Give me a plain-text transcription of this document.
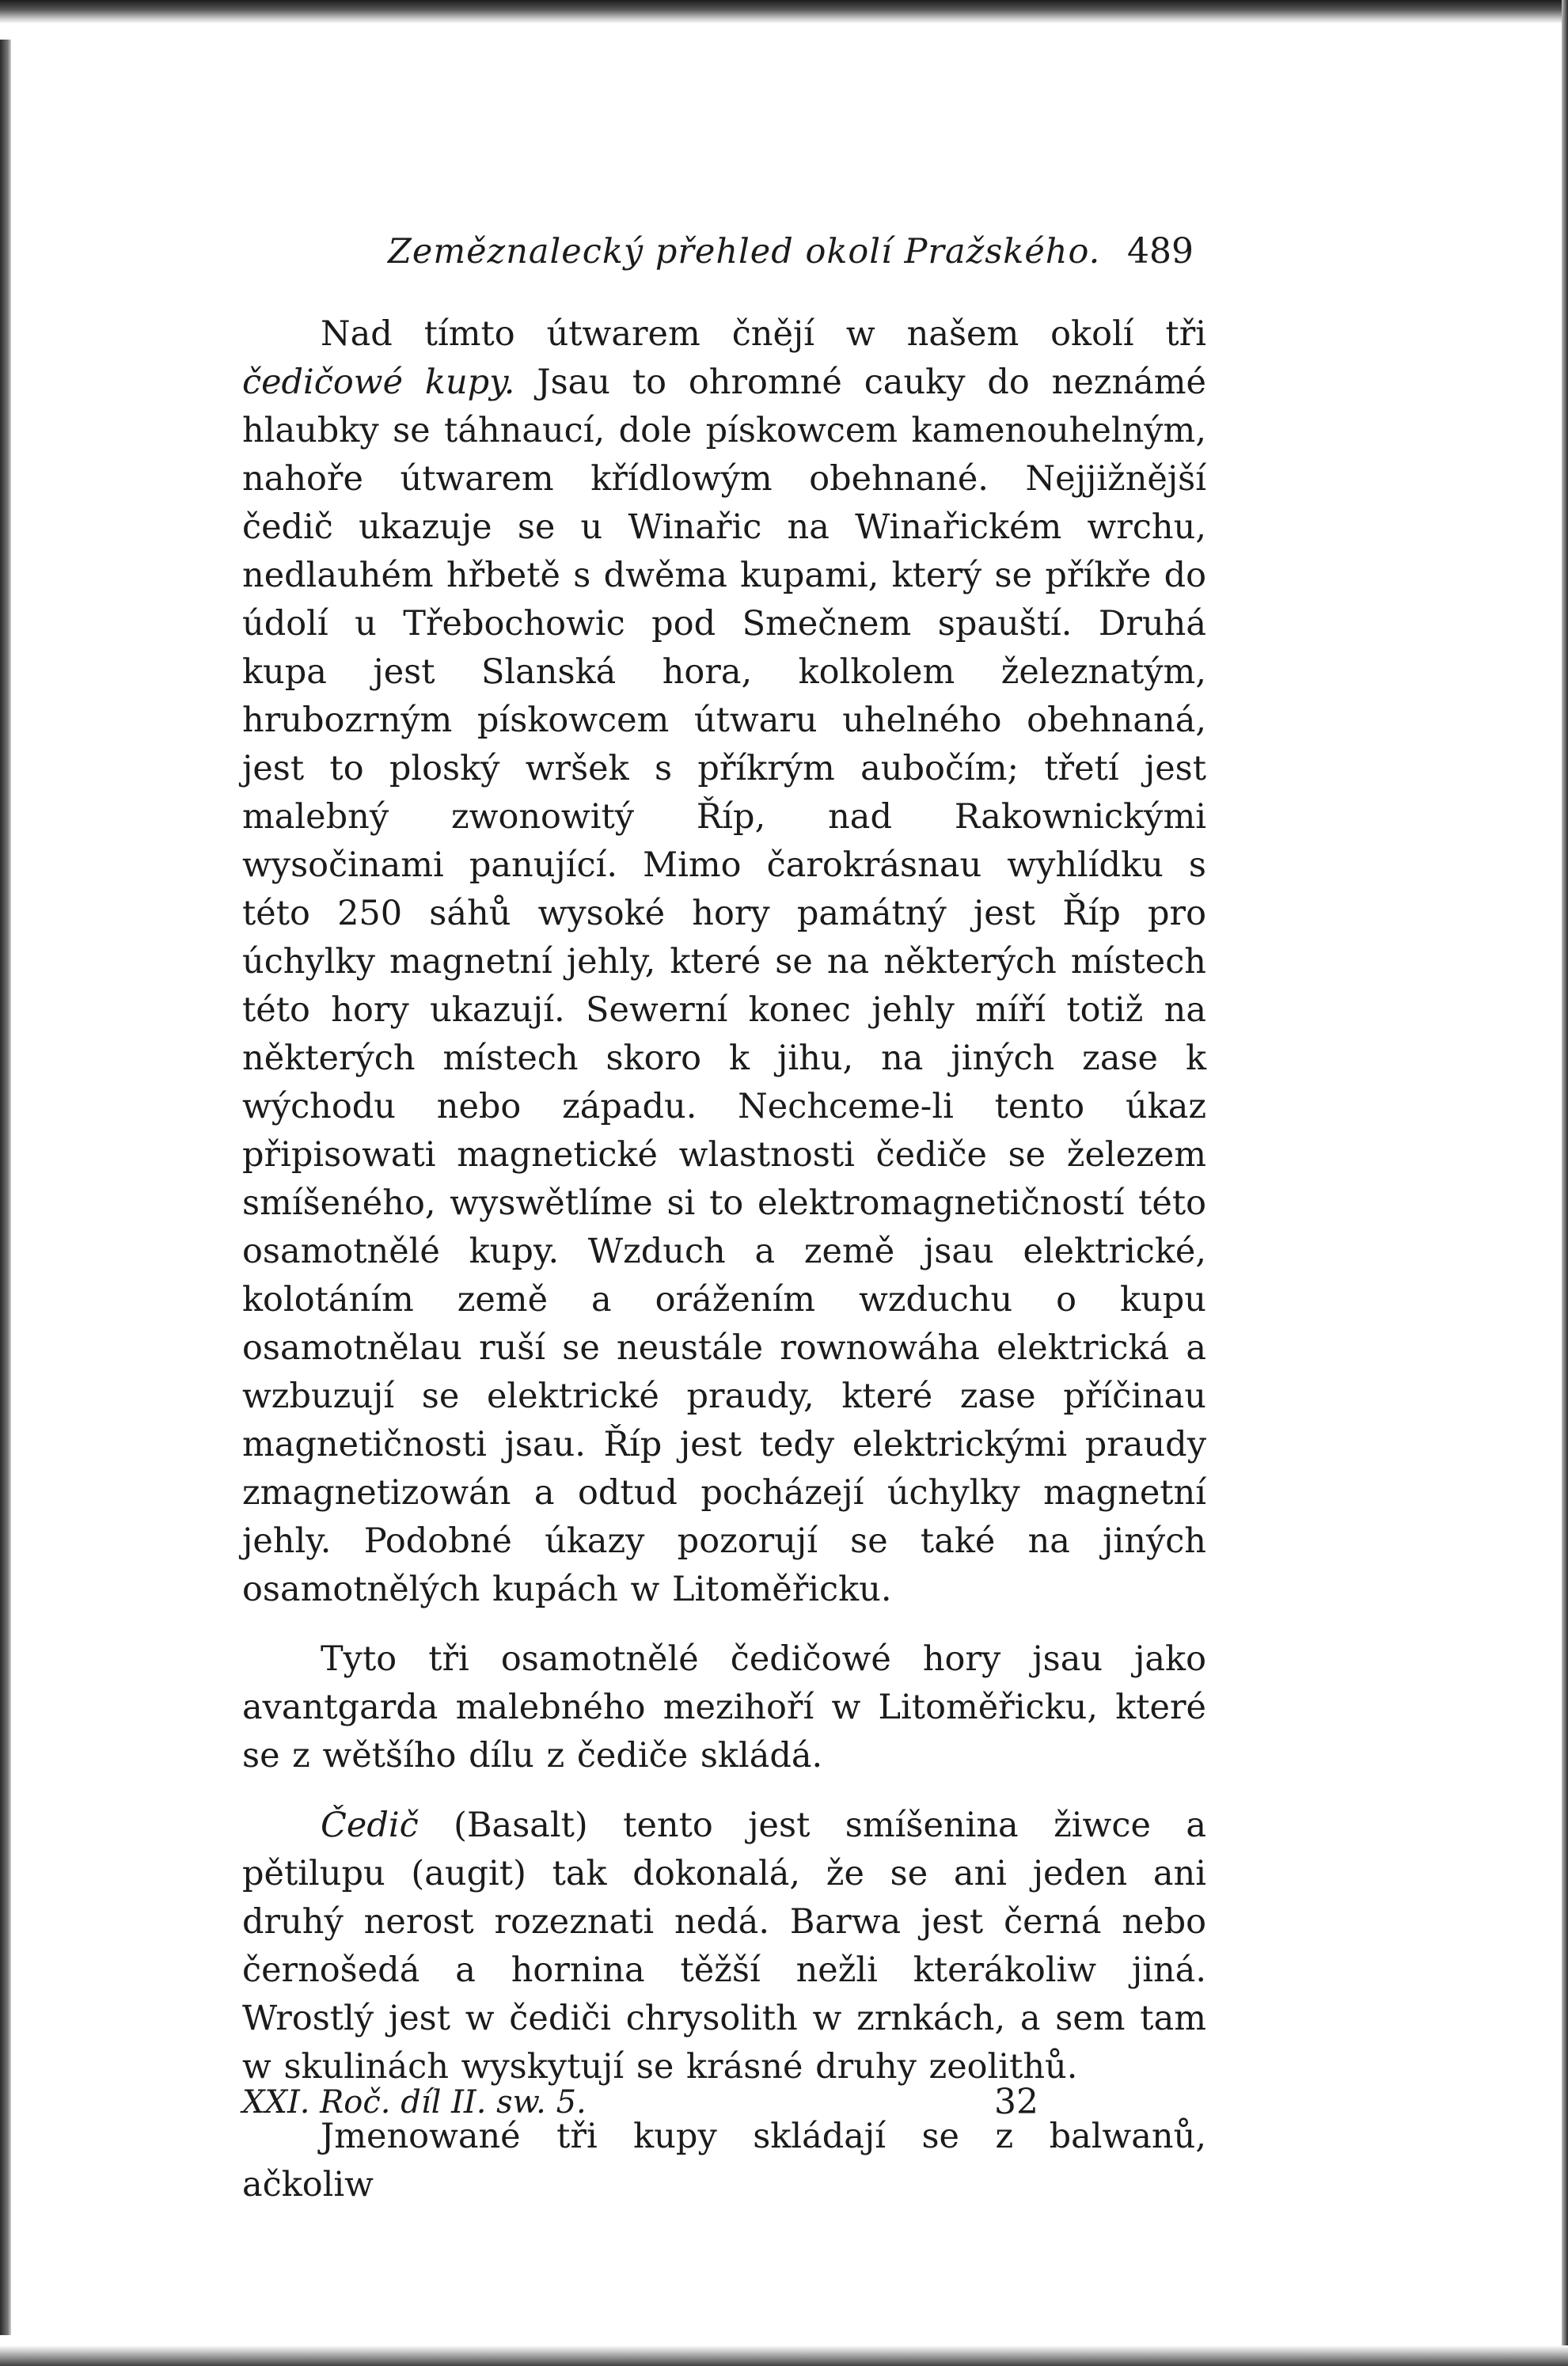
Zeměznalecký přehled okolí Pražského. 489

Nad tímto útwarem čnějí w našem okolí tři čedičowé kupy. Jsau to ohromné cauky do neznámé hlaubky se táhnaucí, dole pískowcem kamenouhelným, nahoře útwarem křídlowým obehnané. Nejjižnější čedič ukazuje se u Winařic na Winařickém wrchu, nedlauhém hřbetě s dwěma kupami, který se příkře do údolí u Třebochowic pod Smečnem spauští. Druhá kupa jest Slanská hora, kolkolem železnatým, hrubozrným pískowcem útwaru uhelného obehnaná, jest to ploský wršek s příkrým aubočím; třetí jest malebný zwonowitý Říp, nad Rakownickými wysočinami panující. Mimo čarokrásnau wyhlídku s této 250 sáhů wysoké hory památný jest Říp pro úchylky magnetní jehly, které se na některých místech této hory ukazují. Sewerní konec jehly míří totiž na některých místech skoro k jihu, na jiných zase k wýchodu nebo západu. Nechceme-li tento úkaz připisowati magnetické wlastnosti čediče se železem smíšeného, wyswětlíme si to elektromagnetičností této osamotnělé kupy. Wzduch a země jsau elektrické, kolotáním země a orážením wzduchu o kupu osamotnělau ruší se neustále rownowáha elektrická a wzbuzují se elektrické praudy, které zase příčinau magnetičnosti jsau. Říp jest tedy elektrickými praudy zmagnetizowán a odtud pocházejí úchylky magnetní jehly. Podobné úkazy pozorují se také na jiných osamotnělých kupách w Litoměřicku.

Tyto tři osamotnělé čedičowé hory jsau jako avantgarda malebného mezihoří w Litoměřicku, které se z wětšího dílu z čediče skládá.

Čedič (Basalt) tento jest smíšenina žiwce a pětilupu (augit) tak dokonalá, že se ani jeden ani druhý nerost rozeznati nedá. Barwa jest černá nebo černošedá a hornina těžší nežli kterákoliw jiná. Wrostlý jest w čediči chrysolith w zrnkách, a sem tam w skulinách wyskytují se krásné druhy zeolithů.

Jmenowané tři kupy skládají se z balwanů, ačkoliw

XXI. Roč. díl II. sw. 5.	32
